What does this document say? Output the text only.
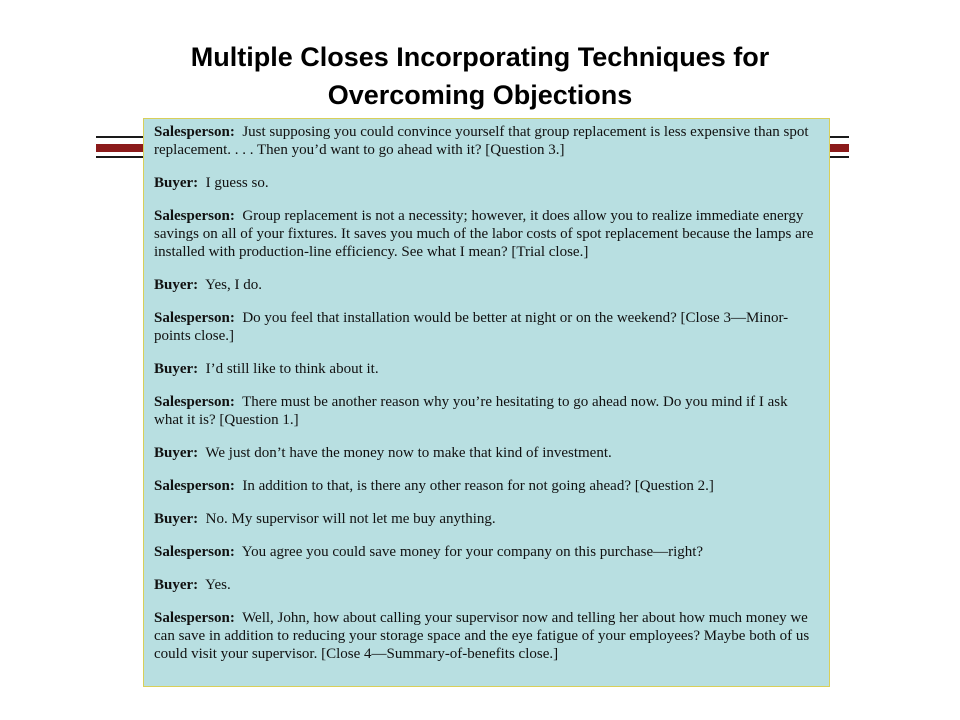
Multiple Closes Incorporating Techniques for
Overcoming Objections

Salesperson: Just supposing you could convince yourself that group replacement is less expensive than spot replacement. . . . Then you’d want to go ahead with it? [Question 3.]

Buyer: I guess so.

Salesperson: Group replacement is not a necessity; however, it does allow you to realize immediate energy savings on all of your fixtures. It saves you much of the labor costs of spot replacement because the lamps are installed with production-line efficiency. See what I mean? [Trial close.]

Buyer: Yes, I do.

Salesperson: Do you feel that installation would be better at night or on the weekend? [Close 3—Minor-points close.]

Buyer: I’d still like to think about it.

Salesperson: There must be another reason why you’re hesitating to go ahead now. Do you mind if I ask what it is? [Question 1.]

Buyer: We just don’t have the money now to make that kind of investment.

Salesperson: In addition to that, is there any other reason for not going ahead? [Question 2.]

Buyer: No. My supervisor will not let me buy anything.

Salesperson: You agree you could save money for your company on this purchase—right?

Buyer: Yes.

Salesperson: Well, John, how about calling your supervisor now and telling her about how much money we can save in addition to reducing your storage space and the eye fatigue of your employees? Maybe both of us could visit your supervisor. [Close 4—Summary-of-benefits close.]
